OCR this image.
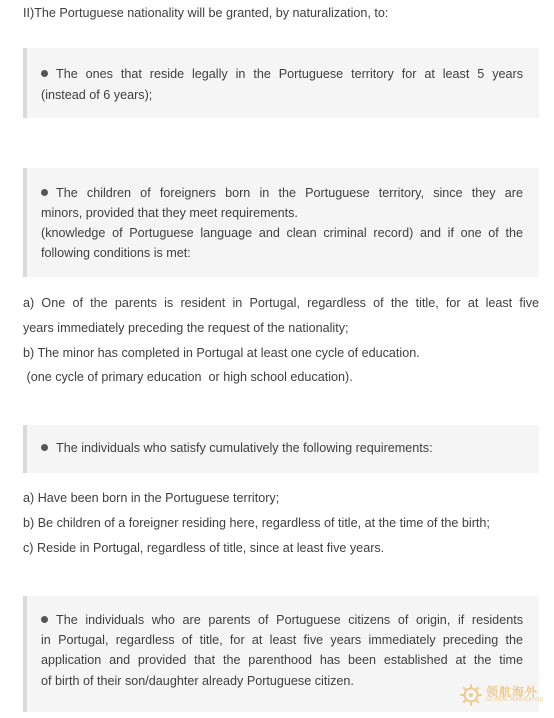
II)The Portuguese nationality will be granted, by naturalization, to:
The ones that reside legally in the Portuguese territory for at least 5 years
(instead of 6 years);
The children of foreigners born in the Portuguese territory, since they are
minors, provided that they meet requirements.
(knowledge of Portuguese language and clean criminal record) and if one of the
following conditions is met:
a) One of the parents is resident in Portugal, regardless of the title, for at least five
years immediately preceding the request of the nationality;
b) The minor has completed in Portugal at least one cycle of education.
(one cycle of primary education  or high school education).
The individuals who satisfy cumulatively the following requirements:
a) Have been born in the Portuguese territory;
b) Be children of a foreigner residing here, regardless of title, at the time of the birth;
c) Reside in Portugal, regardless of title, since at least five years.
The individuals who are parents of Portuguese citizens of origin, if residents
in Portugal, regardless of title, for at least five years immediately preceding the
application and provided that the parenthood has been established at the time
of birth of their son/daughter already Portuguese citizen.
领航海外
GLOBAL NAVIGATOR
